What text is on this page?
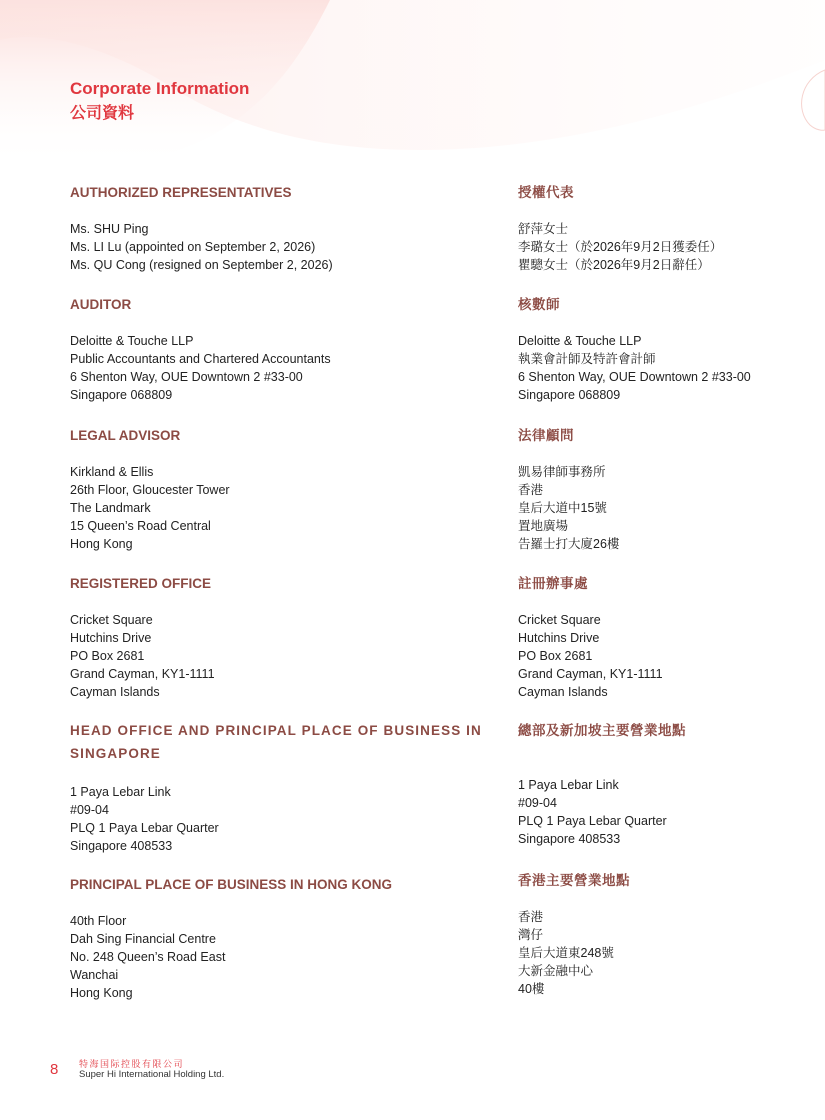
Corporate Information
公司資料
AUTHORIZED REPRESENTATIVES
Ms. SHU Ping
Ms. LI Lu (appointed on September 2, 2026)
Ms. QU Cong (resigned on September 2, 2026)
授權代表
舒萍女士
李璐女士（於2026年9月2日獲委任）
瞿驄女士（於2026年9月2日辭任）
AUDITOR
Deloitte & Touche LLP
Public Accountants and Chartered Accountants
6 Shenton Way, OUE Downtown 2 #33-00
Singapore 068809
核數師
Deloitte & Touche LLP
執業會計師及特許會計師
6 Shenton Way, OUE Downtown 2 #33-00
Singapore 068809
LEGAL ADVISOR
Kirkland & Ellis
26th Floor, Gloucester Tower
The Landmark
15 Queen’s Road Central
Hong Kong
法律顧問
凱易律師事務所
香港
皇后大道中15號
置地廣場
告羅士打大廈26樓
REGISTERED OFFICE
Cricket Square
Hutchins Drive
PO Box 2681
Grand Cayman, KY1-1111
Cayman Islands
註冊辦事處
Cricket Square
Hutchins Drive
PO Box 2681
Grand Cayman, KY1-1111
Cayman Islands
HEAD OFFICE AND PRINCIPAL PLACE OF BUSINESS IN
SINGAPORE
1 Paya Lebar Link
#09-04
PLQ 1 Paya Lebar Quarter
Singapore 408533
總部及新加坡主要營業地點
1 Paya Lebar Link
#09-04
PLQ 1 Paya Lebar Quarter
Singapore 408533
PRINCIPAL PLACE OF BUSINESS IN HONG KONG
40th Floor
Dah Sing Financial Centre
No. 248 Queen’s Road East
Wanchai
Hong Kong
香港主要營業地點
香港
灣仔
皇后大道東248號
大新金融中心
40樓
8 特海国际控股有限公司
Super Hi International Holding Ltd.
